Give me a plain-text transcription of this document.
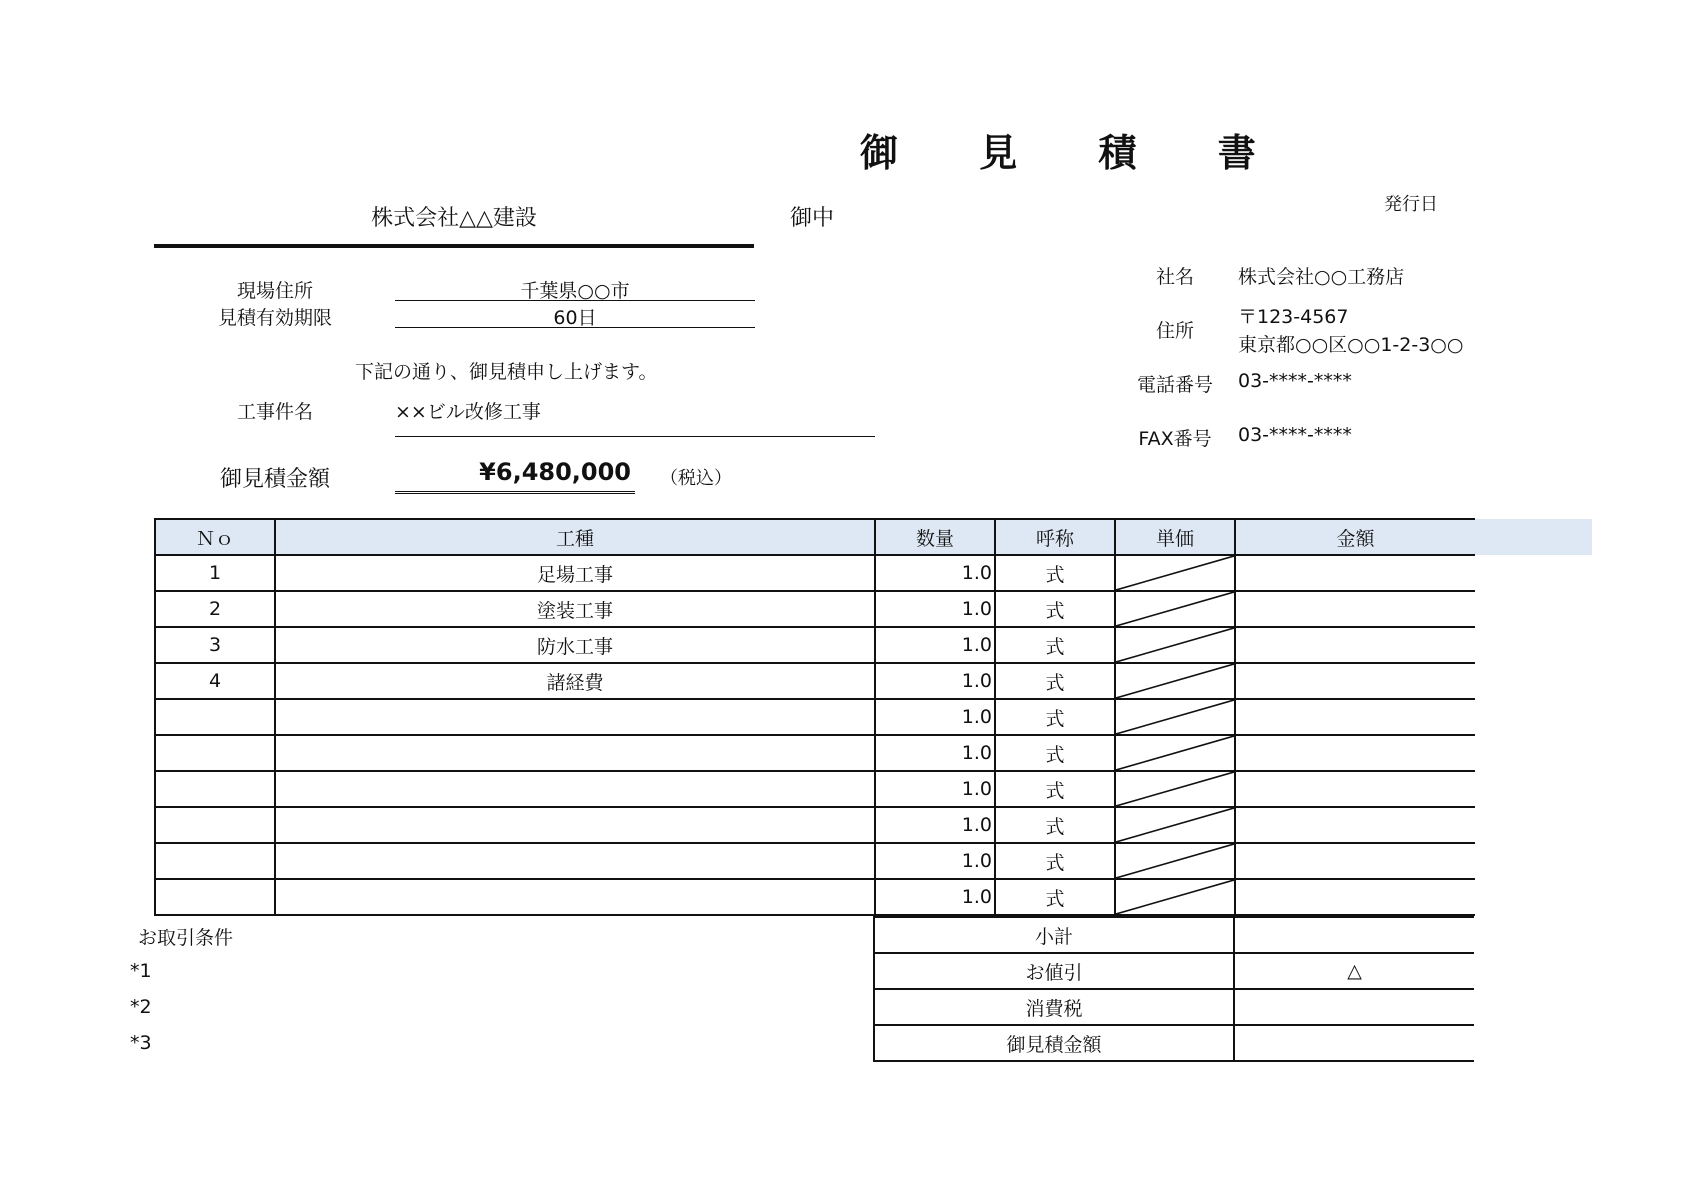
御 見 積 書
株式会社△△建設	御中
発行日
現場住所	千葉県○○市
見積有効期限	60日
下記の通り、御見積申し上げます。
工事件名	××ビル改修工事
御見積金額	¥6,480,000 （税込）
社名	株式会社○○工務店
住所
〒123-4567
東京都○○区○○1-2-3○○
電話番号	03-****-****
FAX番号	03-****-****
Ｎｏ	工種	数量	呼称	単価	金額
1	足場工事	1.0	式	

2	塗装工事	1.0	式	

3	防水工事	1.0	式	

4	諸経費	1.0	式	

		1.0	式	

		1.0	式	

		1.0	式	

		1.0	式	

		1.0	式	

		1.0	式	

小計	
お値引	△
消費税	
御見積金額	
お取引条件
*1
*2
*3
